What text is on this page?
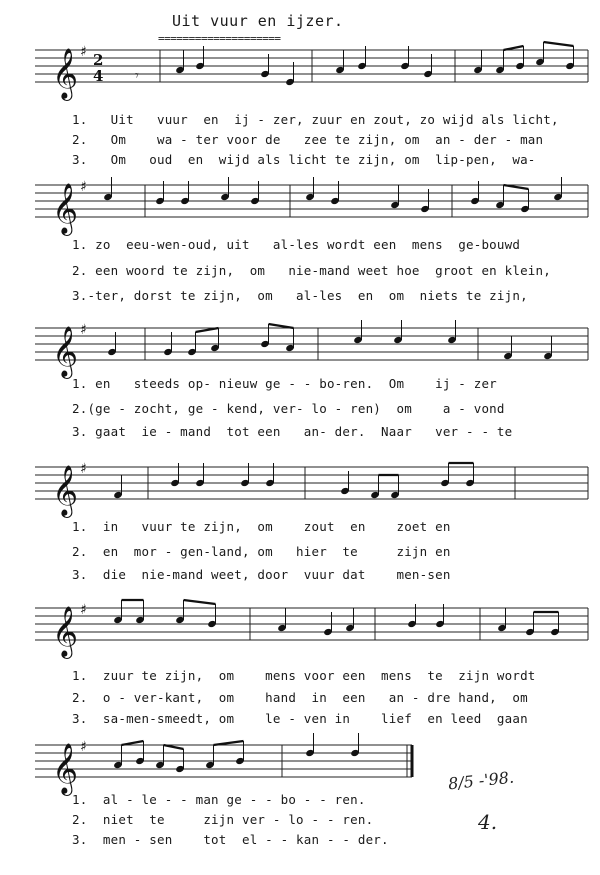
Uit vuur en ijzer.
====================
𝄞 ♯ 2
4 𝄾
1.   Uit   vuur  en  ij - zer, zuur en zout, zo wijd als licht,
2.   Om    wa - ter voor de   zee te zijn, om  an - der - man
3.   Om   oud  en  wijd als licht te zijn, om  lip-pen,  wa-
𝄞 ♯
1. zo  eeu-wen-oud, uit   al-les wordt een  mens  ge-bouwd
2. een woord te zijn,  om   nie-mand weet hoe  groot en klein,
3.-ter, dorst te zijn,  om   al-les  en  om  niets te zijn,
𝄞 ♯
1. en   steeds op- nieuw ge - - bo-ren.  Om    ij - zer
2.(ge - zocht, ge - kend, ver- lo - ren)  om    a - vond
3. gaat  ie - mand  tot een   an- der.  Naar   ver - - te
𝄞 ♯
1.  in   vuur te zijn,  om    zout  en    zoet en
2.  en  mor - gen-land, om   hier  te     zijn en
3.  die  nie-mand weet, door  vuur dat    men-sen
𝄞 ♯
1.  zuur te zijn,  om    mens voor een  mens  te  zijn wordt
2.  o - ver-kant,  om    hand  in  een   an - dre hand,  om
3.  sa-men-smeedt, om    le - ven in    lief  en leed  gaan
𝄞 ♯
1.  al - le - - man ge - - bo - - ren.
2.  niet  te     zijn ver - lo - - ren.
3.  men - sen    tot  el - - kan - - der.
8/5 -'98.
4.
